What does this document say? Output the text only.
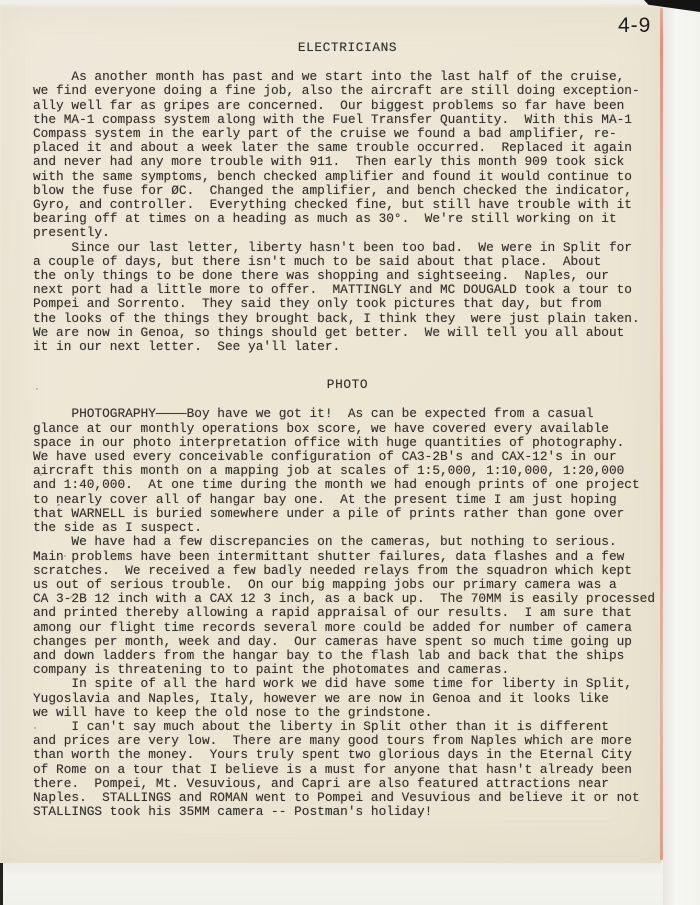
4-9
ELECTRICIANS
As another month has past and we start into the last half of the cruise,
we find everyone doing a fine job, also the aircraft are still doing exception-
ally well far as gripes are concerned.  Our biggest problems so far have been
the MA-1 compass system along with the Fuel Transfer Quantity.  With this MA-1
Compass system in the early part of the cruise we found a bad amplifier, re-
placed it and about a week later the same trouble occurred.  Replaced it again
and never had any more trouble with 911.  Then early this month 909 took sick
with the same symptoms, bench checked amplifier and found it would continue to
blow the fuse for ØC.  Changed the amplifier, and bench checked the indicator,
Gyro, and controller.  Everything checked fine, but still have trouble with it
bearing off at times on a heading as much as 30°.  We're still working on it
presently.
Since our last letter, liberty hasn't been too bad.  We were in Split for
a couple of days, but there isn't much to be said about that place.  About
the only things to be done there was shopping and sightseeing.  Naples, our
next port had a little more to offer.  MATTINGLY and MC DOUGALD took a tour to
Pompei and Sorrento.  They said they only took pictures that day, but from
the looks of the things they brought back, I think they  were just plain taken.
We are now in Genoa, so things should get better.  We will tell you all about
it in our next letter.  See ya'll later.
PHOTO
PHOTOGRAPHY————Boy have we got it!  As can be expected from a casual
glance at our monthly operations box score, we have covered every available
space in our photo interpretation office with huge quantities of photography.
We have used every conceivable configuration of CA3-2B's and CAX-12's in our
aircraft this month on a mapping job at scales of 1:5,000, 1:10,000, 1:20,000
and 1:40,000.  At one time during the month we had enough prints of one project
to nearly cover all of hangar bay one.  At the present time I am just hoping
that WARNELL is buried somewhere under a pile of prints rather than gone over
the side as I suspect.
We have had a few discrepancies on the cameras, but nothing to serious.
Main problems have been intermittant shutter failures, data flashes and a few
scratches.  We received a few badly needed relays from the squadron which kept
us out of serious trouble.  On our big mapping jobs our primary camera was a
CA 3-2B 12 inch with a CAX 12 3 inch, as a back up.  The 70MM is easily processed
and printed thereby allowing a rapid appraisal of our results.  I am sure that
among our flight time records several more could be added for number of camera
changes per month, week and day.  Our cameras have spent so much time going up
and down ladders from the hangar bay to the flash lab and back that the ships
company is threatening to to paint the photomates and cameras.
In spite of all the hard work we did have some time for liberty in Split,
Yugoslavia and Naples, Italy, however we are now in Genoa and it looks like
we will have to keep the old nose to the grindstone.
I can't say much about the liberty in Split other than it is different
and prices are very low.  There are many good tours from Naples which are more
than worth the money.  Yours truly spent two glorious days in the Eternal City
of Rome on a tour that I believe is a must for anyone that hasn't already been
there.  Pompei, Mt. Vesuvious, and Capri are also featured attractions near
Naples.  STALLINGS and ROMAN went to Pompei and Vesuvious and believe it or not
STALLINGS took his 35MM camera -- Postman's holiday!
